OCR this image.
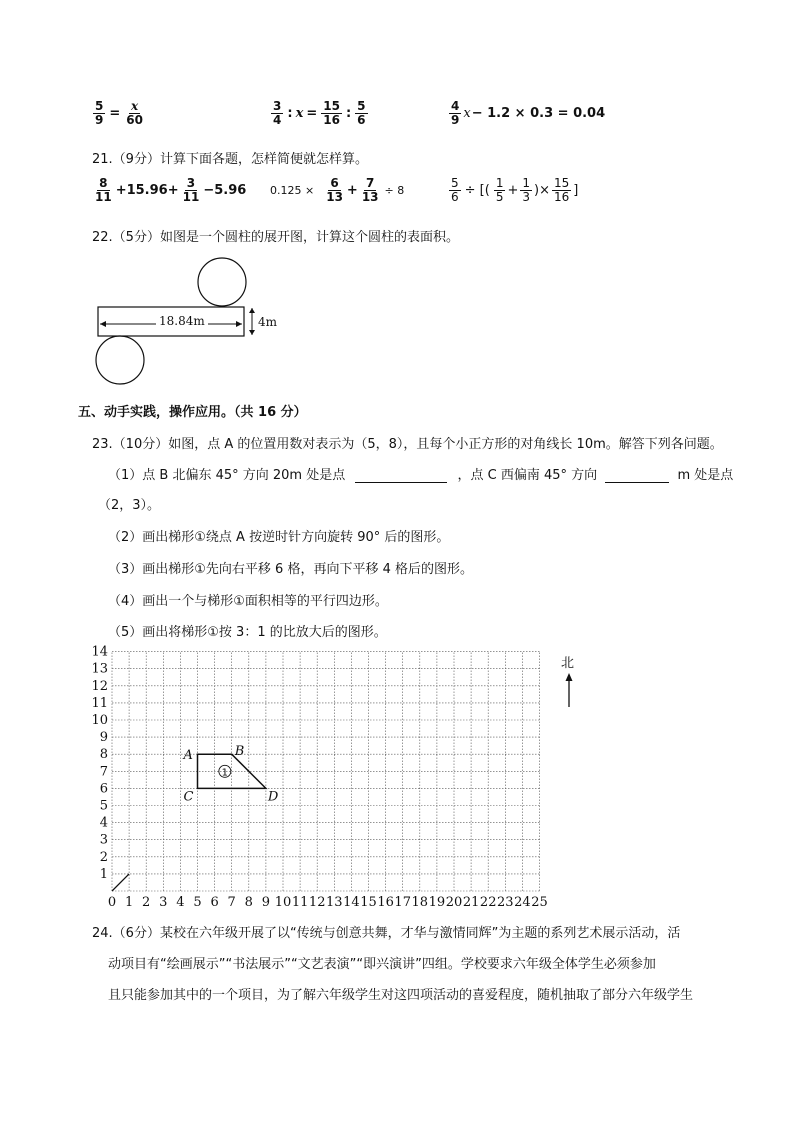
$\frac{5}{9} = \frac{x}{60}$	$\frac{3}{4}$ : $x = \frac{15}{16}$ : $\frac{5}{6}$	$\frac{4}{9}$ x − 1.2 × 0.3 = 0.04
21.（9分）计算下面各题，怎样简便就怎样算。
$\frac{8}{11} +15.96+ \frac{3}{11} -5.96$ $0.125 \times \frac{6}{13} + \frac{7}{13} \div 8$	$\frac{5}{6}$ ÷ [( $\frac{1}{5} + \frac{1}{3}$ )× $\frac{15}{16}$ ]
22.（5分）如图是一个圆柱的展开图，计算这个圆柱的表面积。
18.84m	4m
五、动手实践，操作应用。（共 16 分）
23.（10分）如图，点 A 的位置用数对表示为（5，8），且每个小正方形的对角线长 10m。解答下列各问题。
（1）点 B 北偏东 45° 方向 20m 处是点	，点 C 西偏南 45° 方向	m 处是点
（2，3）。
（2）画出梯形①绕点 A 按逆时针方向旋转 90° 后的图形。
（3）画出梯形①先向右平移 6 格，再向下平移 4 格后的图形。
（4）画出一个与梯形①面积相等的平行四边形。
（5）画出将梯形①按 3：1 的比放大后的图形。
0 1 2 3 4 5 6 7 8 9 10 11 12 13 14 15 16 17 18 19 20 21 22 23 24 25
1
2
3
4
5
6
7
8
9
10
11
12
13
14
1
A	B
C	D
北
24.（6分）某校在六年级开展了以“传统与创意共舞，才华与激情同辉”为主题的系列艺术展示活动，活
动项目有“绘画展示”“书法展示”“文艺表演”“即兴演讲”四组。学校要求六年级全体学生必须参加
且只能参加其中的一个项目，为了解六年级学生对这四项活动的喜爱程度，随机抽取了部分六年级学生
